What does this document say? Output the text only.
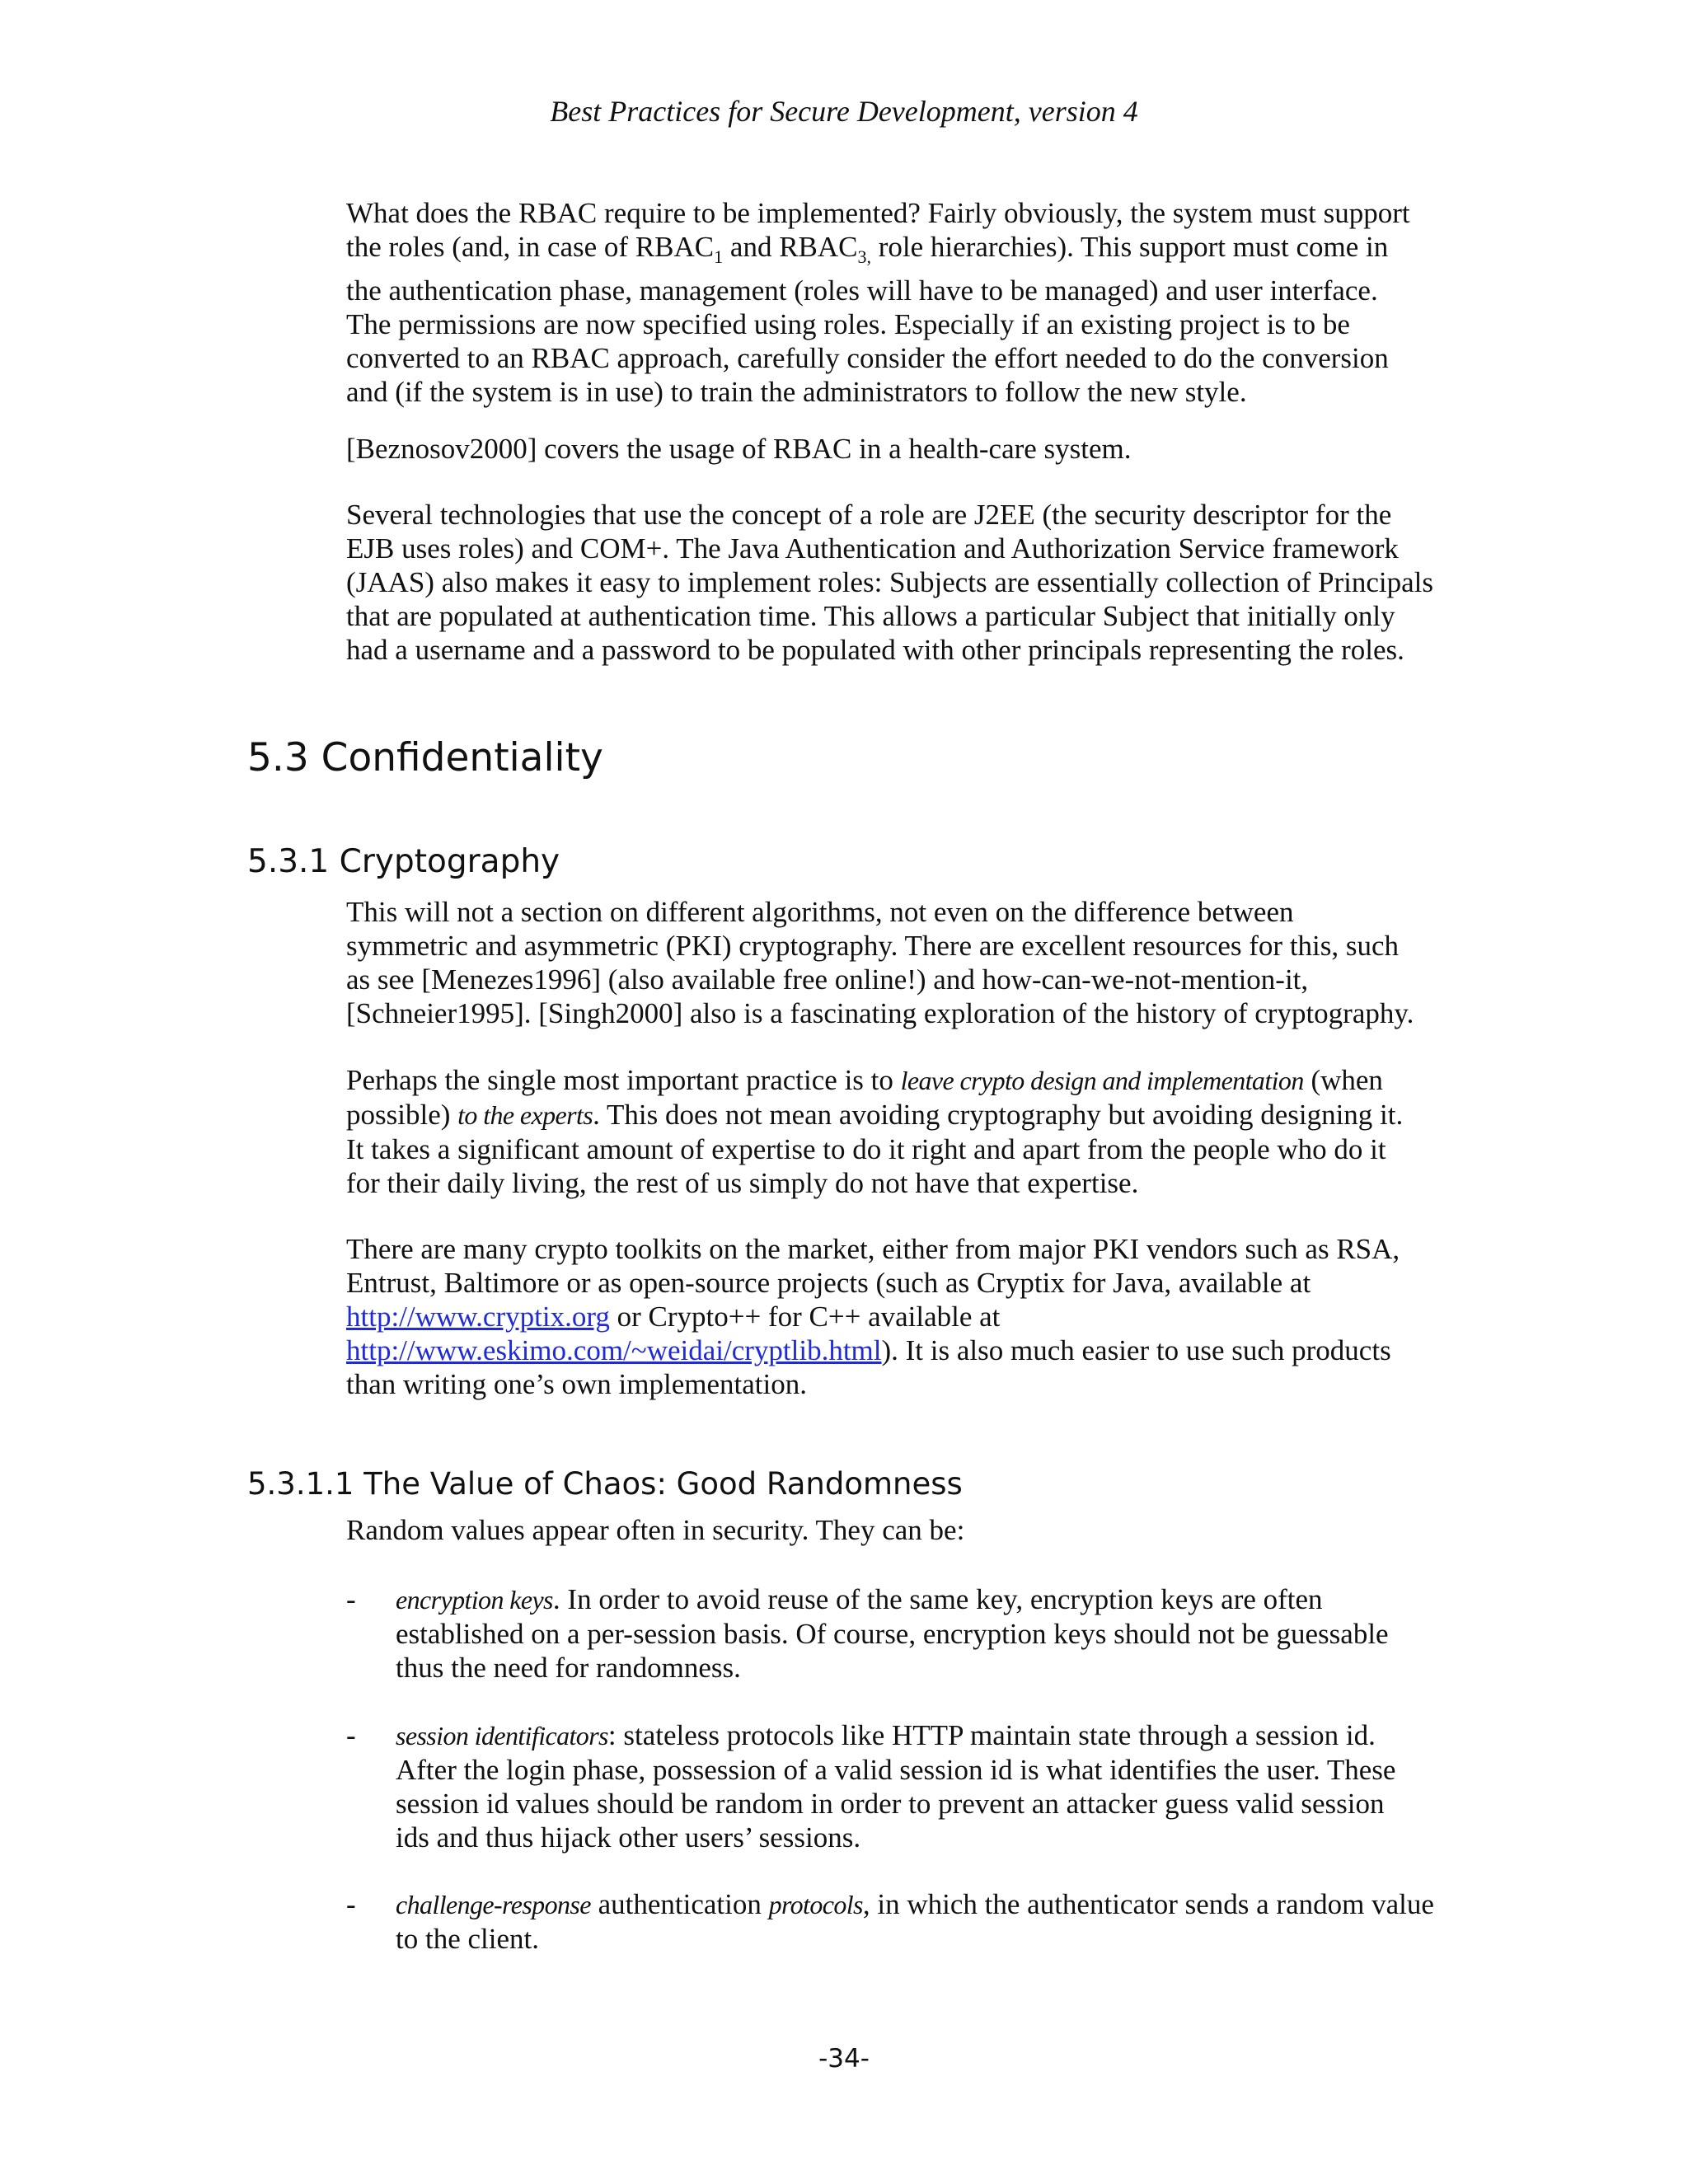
Best Practices for Secure Development, version 4
What does the RBAC require to be implemented? Fairly obviously, the system must support
the roles (and, in case of $RBAC_1$ and $RBAC_{3,}$ role hierarchies). This support must come in
the authentication phase, management (roles will have to be managed) and user interface.
The permissions are now specified using roles. Especially if an existing project is to be
converted to an RBAC approach, carefully consider the effort needed to do the conversion
and (if the system is in use) to train the administrators to follow the new style.
[Beznosov2000] covers the usage of RBAC in a health-care system.
Several technologies that use the concept of a role are J2EE (the security descriptor for the
EJB uses roles) and COM+. The Java Authentication and Authorization Service framework
(JAAS) also makes it easy to implement roles: Subjects are essentially collection of Principals
that are populated at authentication time. This allows a particular Subject that initially only
had a username and a password to be populated with other principals representing the roles.
5.3 Confidentiality
5.3.1 Cryptography
This will not a section on different algorithms, not even on the difference between
symmetric and asymmetric (PKI) cryptography. There are excellent resources for this, such
as see [Menezes1996] (also available free online!) and how-can-we-not-mention-it,
[Schneier1995]. [Singh2000] also is a fascinating exploration of the history of cryptography.
Perhaps the single most important practice is to leave crypto design and implementation (when
possible) to the experts. This does not mean avoiding cryptography but avoiding designing it.
It takes a significant amount of expertise to do it right and apart from the people who do it
for their daily living, the rest of us simply do not have that expertise.
There are many crypto toolkits on the market, either from major PKI vendors such as RSA,
Entrust, Baltimore or as open-source projects (such as Cryptix for Java, available at
http://www.cryptix.org or Crypto++ for C++ available at
http://www.eskimo.com/~weidai/cryptlib.html). It is also much easier to use such products
than writing one’s own implementation.
5.3.1.1 The Value of Chaos: Good Randomness
Random values appear often in security. They can be:
- encryption keys. In order to avoid reuse of the same key, encryption keys are often
established on a per-session basis. Of course, encryption keys should not be guessable
thus the need for randomness.
- session identificators: stateless protocols like HTTP maintain state through a session id.
After the login phase, possession of a valid session id is what identifies the user. These
session id values should be random in order to prevent an attacker guess valid session
ids and thus hijack other users’ sessions.
- challenge-response authentication protocols, in which the authenticator sends a random value
to the client.
-34-
